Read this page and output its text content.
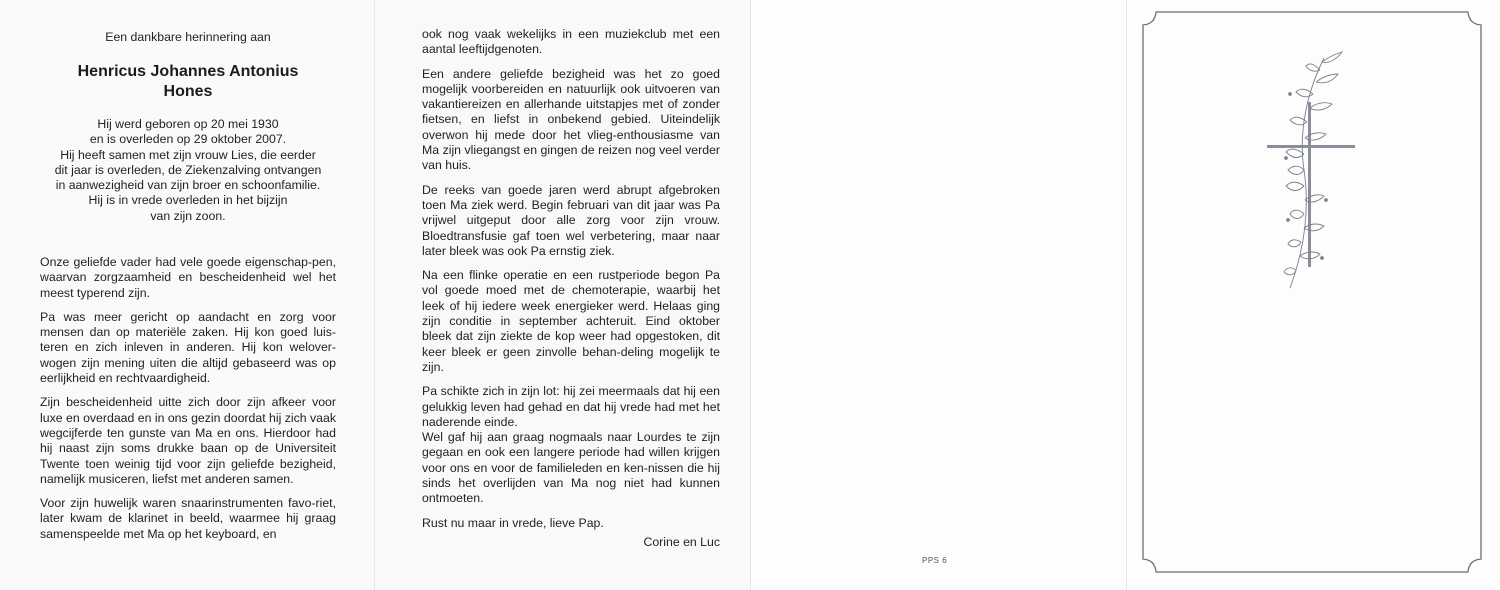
Een dankbare herinnering aan

Henricus Johannes Antonius
Hones
Hij werd geboren op 20 mei 1930
en is overleden op 29 oktober 2007.
Hij heeft samen met zijn vrouw Lies, die eerder
dit jaar is overleden, de Ziekenzalving ontvangen
in aanwezigheid van zijn broer en schoonfamilie.
Hij is in vrede overleden in het bijzijn
van zijn zoon.

Onze geliefde vader had vele goede eigenschap-pen, waarvan zorgzaamheid en bescheidenheid wel het meest typerend zijn.

Pa was meer gericht op aandacht en zorg voor mensen dan op materiële zaken. Hij kon goed luis-teren en zich inleven in anderen. Hij kon welover-wogen zijn mening uiten die altijd gebaseerd was op eerlijkheid en rechtvaardigheid.

Zijn bescheidenheid uitte zich door zijn afkeer voor luxe en overdaad en in ons gezin doordat hij zich vaak wegcijferde ten gunste van Ma en ons. Hierdoor had hij naast zijn soms drukke baan op de Universiteit Twente toen weinig tijd voor zijn geliefde bezigheid, namelijk musiceren, liefst met anderen samen.

Voor zijn huwelijk waren snaarinstrumenten favo-riet, later kwam de klarinet in beeld, waarmee hij graag samenspeelde met Ma op het keyboard, en

ook nog vaak wekelijks in een muziekclub met een aantal leeftijdgenoten.

Een andere geliefde bezigheid was het zo goed mogelijk voorbereiden en natuurlijk ook uitvoeren van vakantiereizen en allerhande uitstapjes met of zonder fietsen, en liefst in onbekend gebied. Uiteindelijk overwon hij mede door het vlieg-enthousiasme van Ma zijn vliegangst en gingen de reizen nog veel verder van huis.

De reeks van goede jaren werd abrupt afgebroken toen Ma ziek werd. Begin februari van dit jaar was Pa vrijwel uitgeput door alle zorg voor zijn vrouw. Bloedtransfusie gaf toen wel verbetering, maar naar later bleek was ook Pa ernstig ziek.

Na een flinke operatie en een rustperiode begon Pa vol goede moed met de chemoterapie, waarbij het leek of hij iedere week energieker werd. Helaas ging zijn conditie in september achteruit. Eind oktober bleek dat zijn ziekte de kop weer had opgestoken, dit keer bleek er geen zinvolle behan-deling mogelijk te zijn.

Pa schikte zich in zijn lot: hij zei meermaals dat hij een gelukkig leven had gehad en dat hij vrede had met het naderende einde.
Wel gaf hij aan graag nogmaals naar Lourdes te zijn gegaan en ook een langere periode had willen krijgen voor ons en voor de familieleden en ken-nissen die hij sinds het overlijden van Ma nog niet had kunnen ontmoeten.

Rust nu maar in vrede, lieve Pap.

Corine en Luc
PPS 6
